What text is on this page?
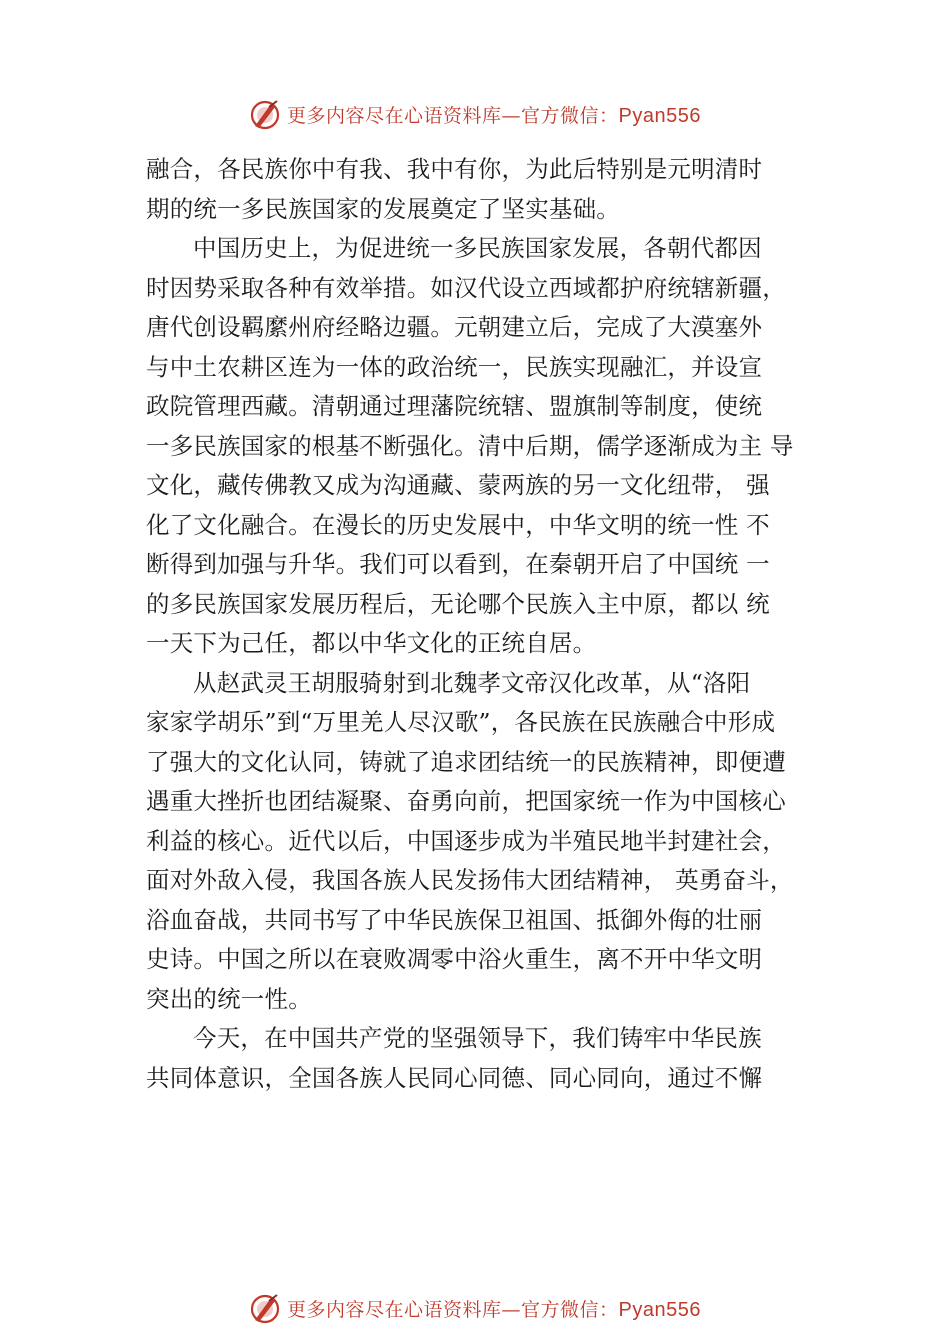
更多内容尽在心语资料库—官方微信：Pyan556
融合，各民族你中有我、我中有你，为此后特别是元明清时
期的统一多民族国家的发展奠定了坚实基础。
中国历史上，为促进统一多民族国家发展，各朝代都因
时因势采取各种有效举措。如汉代设立西域都护府统辖新疆，
唐代创设羁縻州府经略边疆。元朝建立后，完成了大漠塞外
与中土农耕区连为一体的政治统一，民族实现融汇，并设宣
政院管理西藏。清朝通过理藩院统辖、盟旗制等制度，使统
一多民族国家的根基不断强化。清中后期，儒学逐渐成为主 导
文化，藏传佛教又成为沟通藏、蒙两族的另一文化纽带， 强
化了文化融合。在漫长的历史发展中，中华文明的统一性 不
断得到加强与升华。我们可以看到，在秦朝开启了中国统 一
的多民族国家发展历程后，无论哪个民族入主中原，都以 统
一天下为己任，都以中华文化的正统自居。
从赵武灵王胡服骑射到北魏孝文帝汉化改革，从“洛阳
家家学胡乐”到“万里羌人尽汉歌”，各民族在民族融合中形成
了强大的文化认同，铸就了追求团结统一的民族精神，即便遭
遇重大挫折也团结凝聚、奋勇向前，把国家统一作为中国核心
利益的核心。近代以后，中国逐步成为半殖民地半封建社会，
面对外敌入侵，我国各族人民发扬伟大团结精神， 英勇奋斗，
浴血奋战，共同书写了中华民族保卫祖国、抵御外侮的壮丽
史诗。中国之所以在衰败凋零中浴火重生，离不开中华文明
突出的统一性。
今天，在中国共产党的坚强领导下，我们铸牢中华民族
共同体意识，全国各族人民同心同德、同心同向，通过不懈
更多内容尽在心语资料库—官方微信：Pyan556
